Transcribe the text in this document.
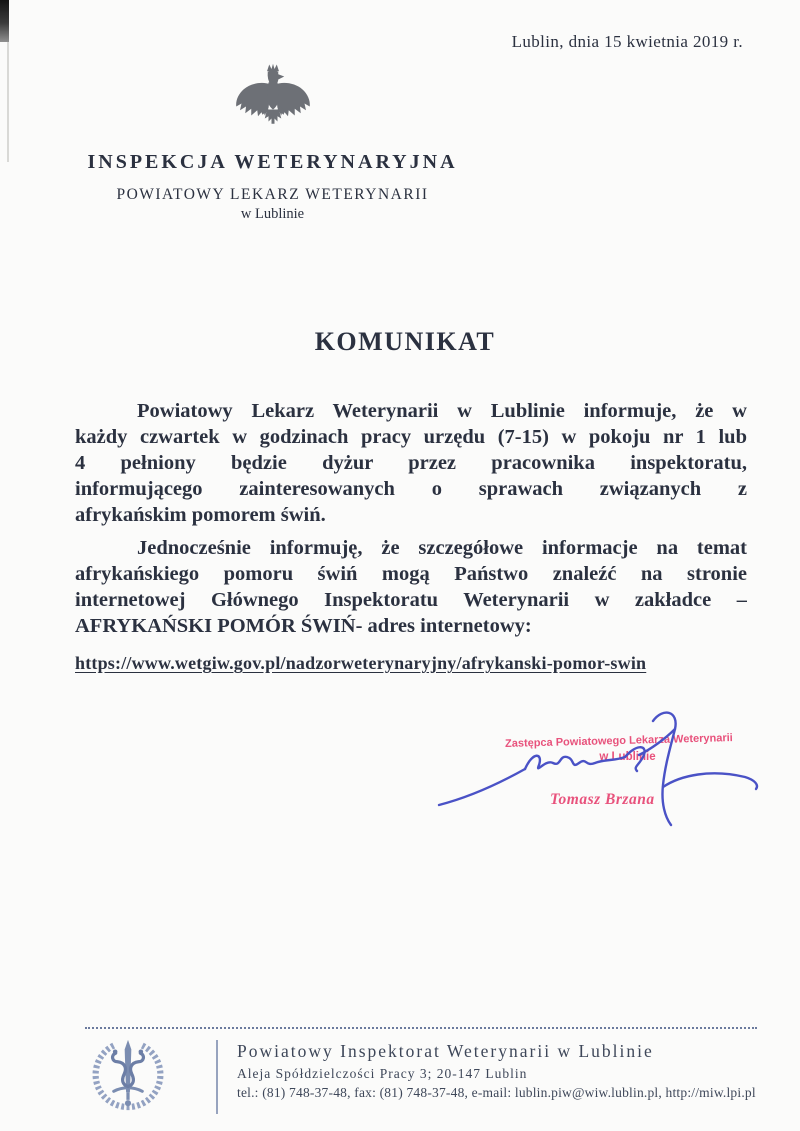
Lublin, dnia 15 kwietnia 2019 r.
INSPEKCJA WETERYNARYJNA
POWIATOWY LEKARZ WETERYNARII
w Lublinie
KOMUNIKAT
Powiatowy Lekarz Weterynarii w Lublinie informuje, że w
każdy czwartek w godzinach pracy urzędu (7-15) w pokoju nr 1 lub
4 pełniony będzie dyżur przez pracownika inspektoratu,
informującego zainteresowanych o sprawach związanych z
afrykańskim pomorem świń.
Jednocześnie informuję, że szczegółowe informacje na temat
afrykańskiego pomoru świń mogą Państwo znaleźć na stronie
internetowej Głównego Inspektoratu Weterynarii w zakładce –
AFRYKAŃSKI POMÓR ŚWIŃ- adres internetowy:
https://www.wetgiw.gov.pl/nadzorweterynaryjny/afrykanski-pomor-swin
Zastępca Powiatowego Lekarza Weterynarii
w Lublinie
Tomasz Brzana
Powiatowy Inspektorat Weterynarii w Lublinie
Aleja Spółdzielczości Pracy 3; 20-147 Lublin
tel.: (81) 748-37-48, fax: (81) 748-37-48, e-mail: lublin.piw@wiw.lublin.pl, http://miw.lpi.pl
